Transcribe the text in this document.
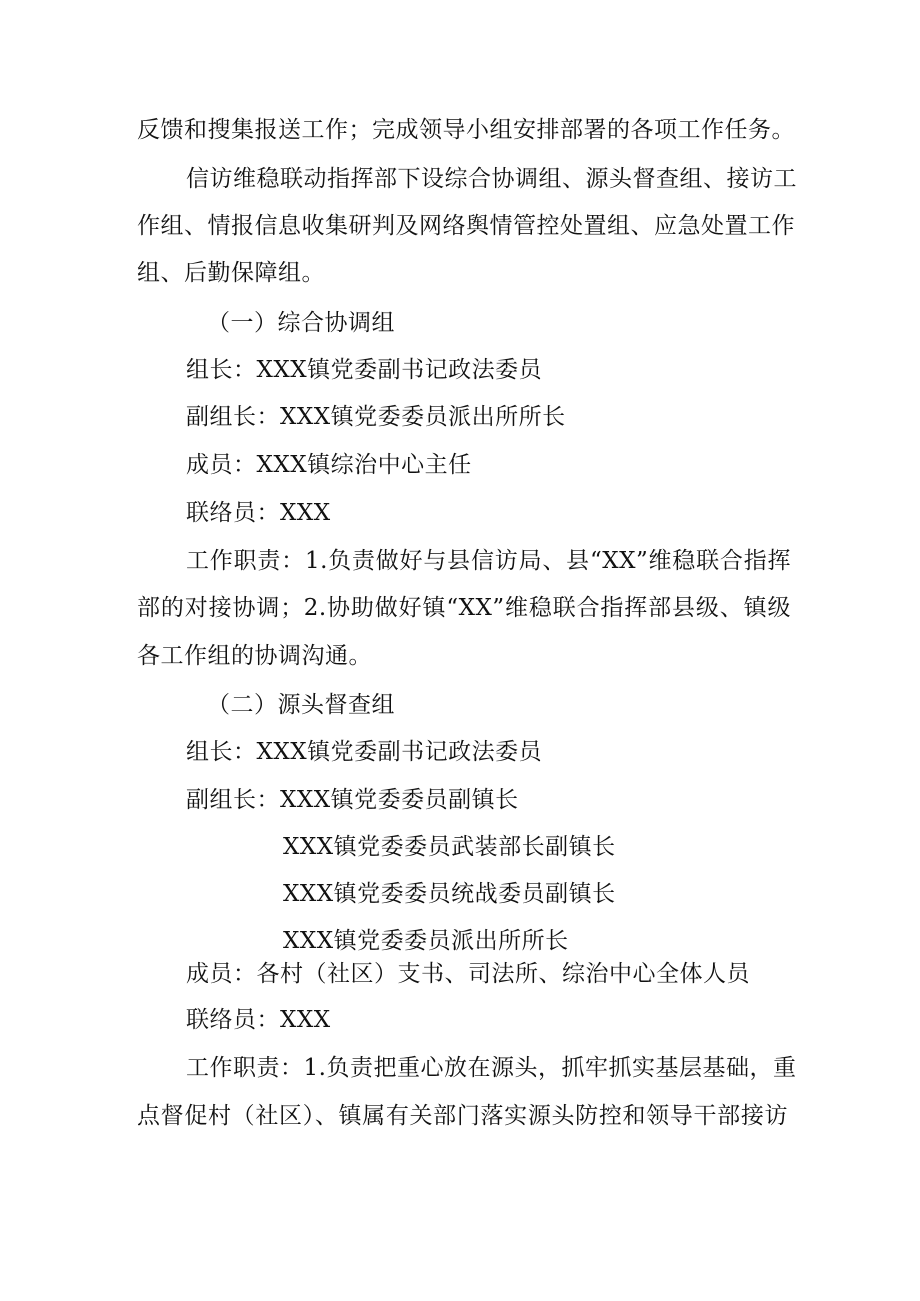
反馈和搜集报送工作；完成领导小组安排部署的各项工作任务。

信访维稳联动指挥部下设综合协调组、源头督查组、接访工

作组、情报信息收集研判及网络舆情管控处置组、应急处置工作

组、后勤保障组。

（一）综合协调组

组长：XXX镇党委副书记政法委员

副组长：XXX镇党委委员派出所所长

成员：XXX镇综治中心主任

联络员：XXX

工作职责：1.负责做好与县信访局、县“XX”维稳联合指挥

部的对接协调；2.协助做好镇“XX”维稳联合指挥部县级、镇级

各工作组的协调沟通。

（二）源头督查组

组长：XXX镇党委副书记政法委员

副组长：XXX镇党委委员副镇长

XXX镇党委委员武装部长副镇长

XXX镇党委委员统战委员副镇长

XXX镇党委委员派出所所长

成员：各村（社区）支书、司法所、综治中心全体人员

联络员：XXX

工作职责：1.负责把重心放在源头，抓牢抓实基层基础，重

点督促村（社区）、镇属有关部门落实源头防控和领导干部接访
